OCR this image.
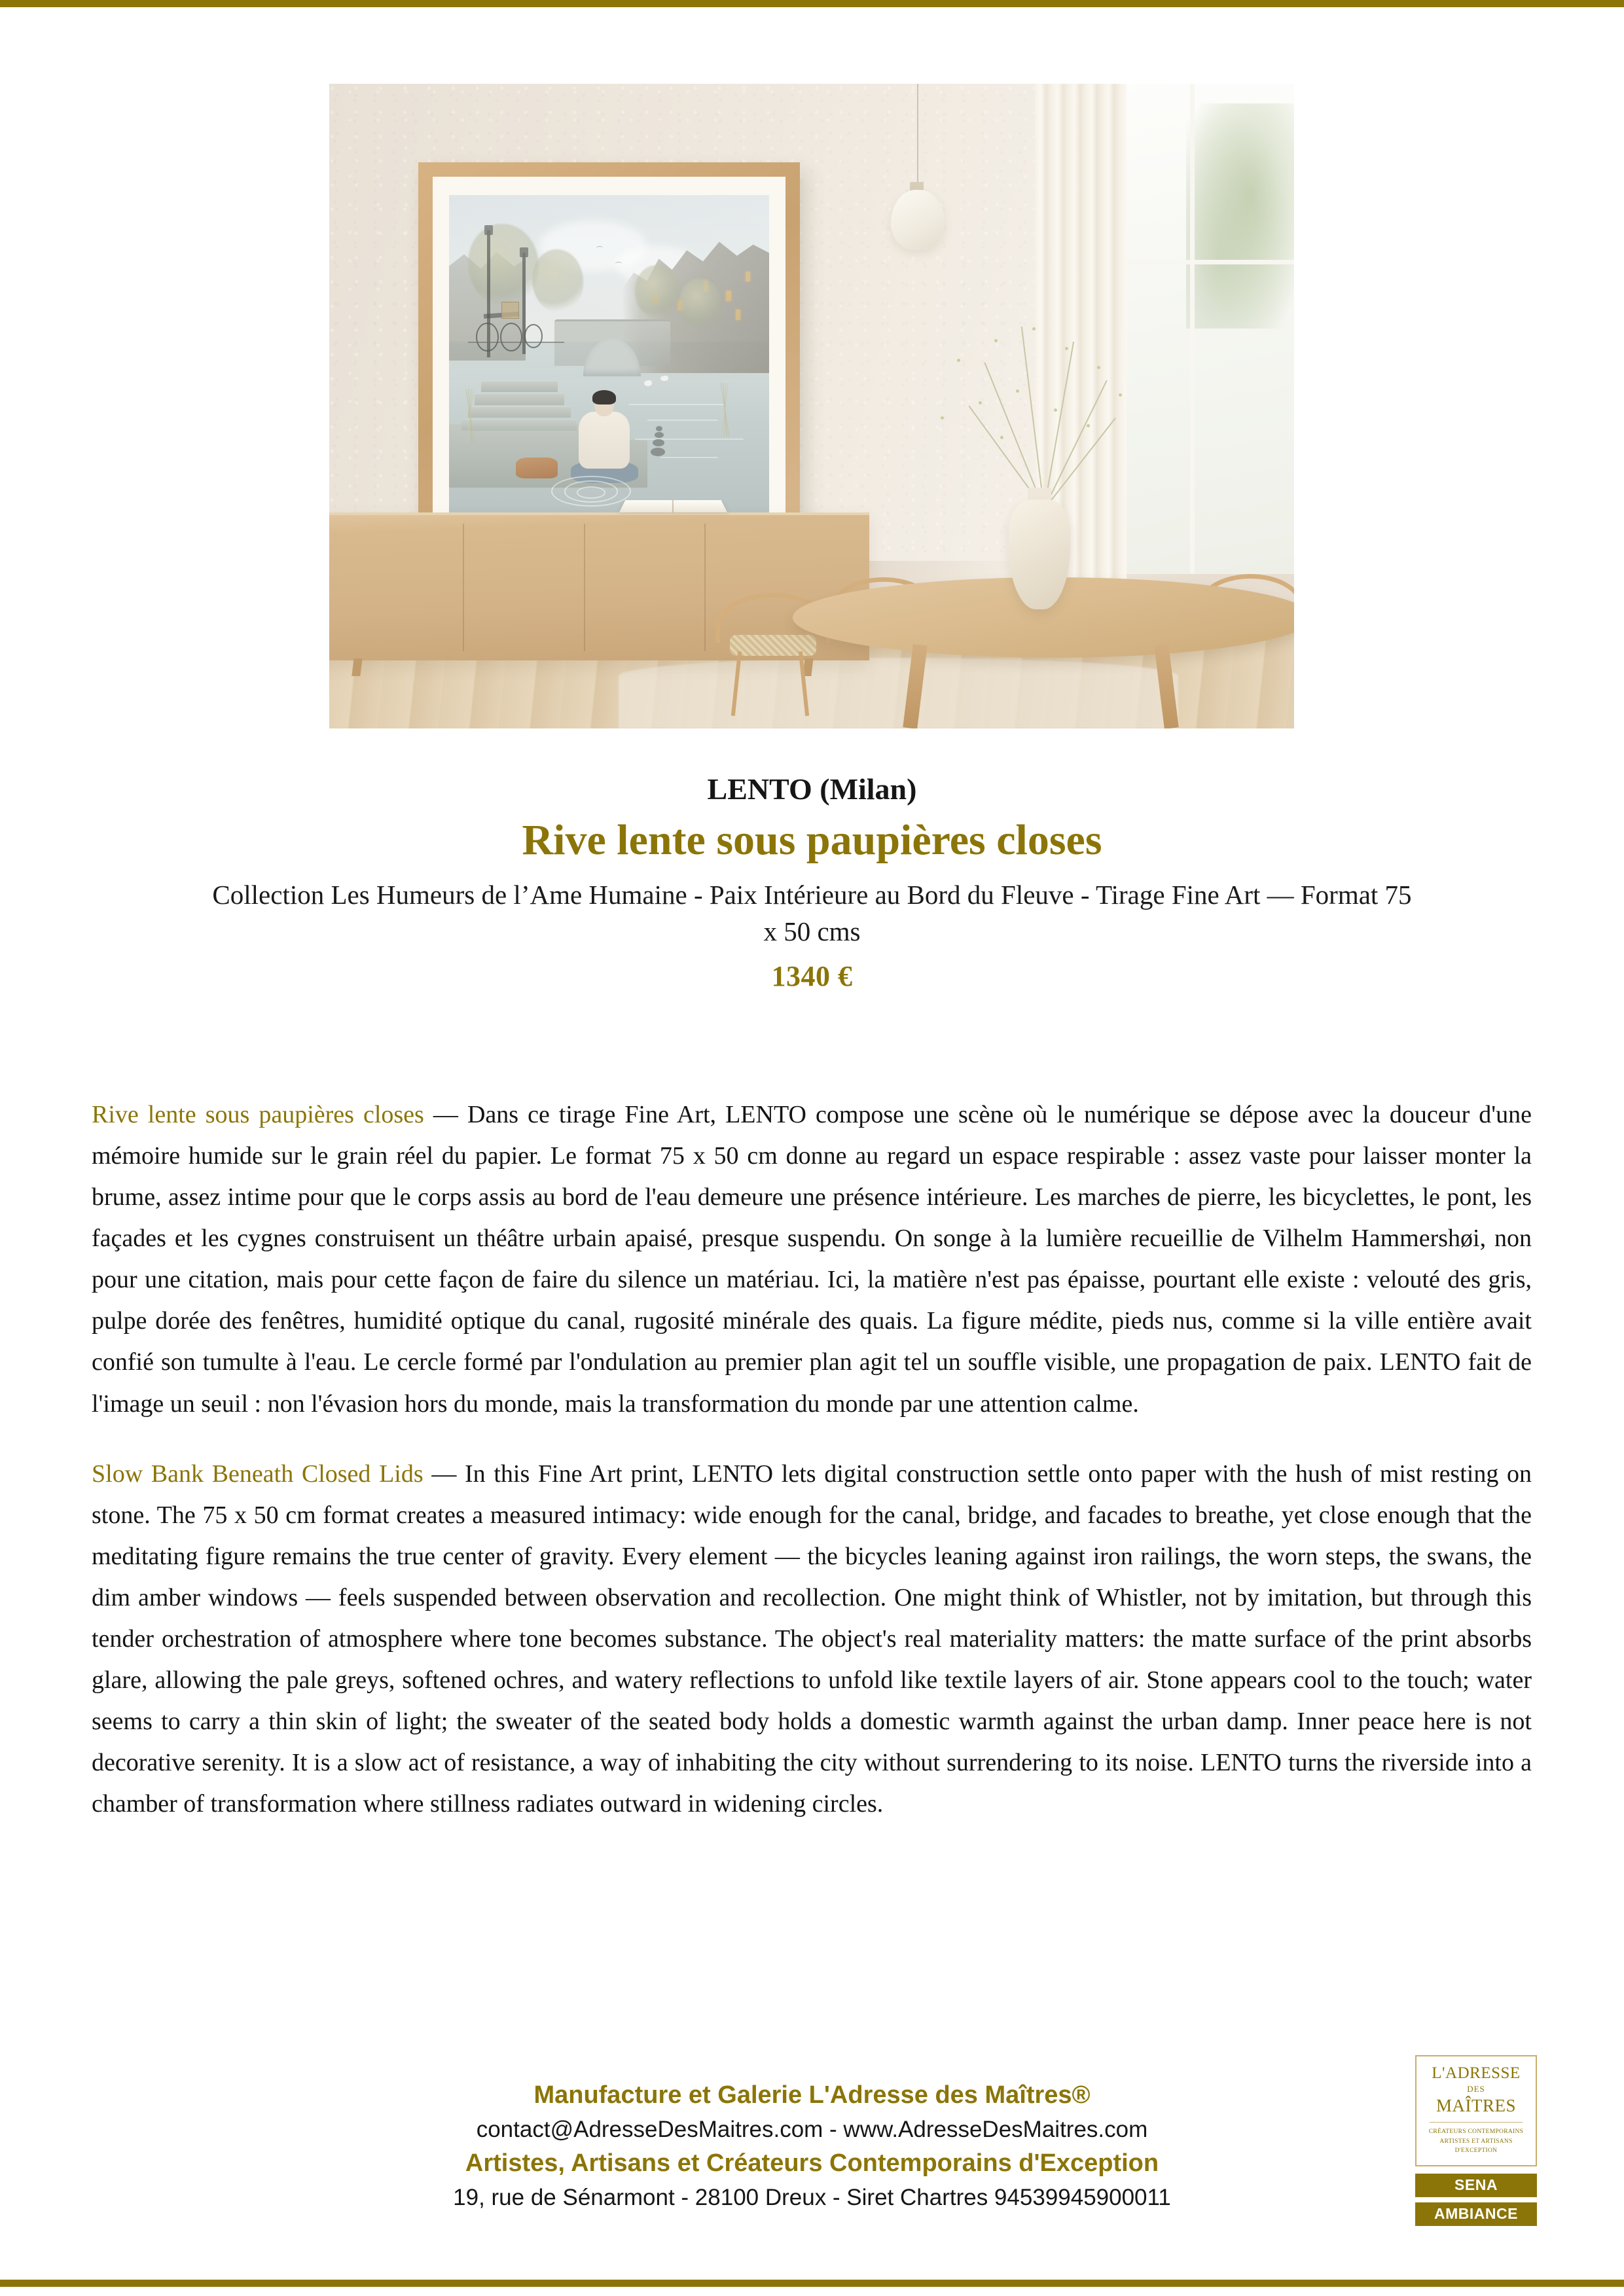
LENTO (Milan)
Rive lente sous paupières closes
Collection Les Humeurs de l’Ame Humaine - Paix Intérieure au Bord du Fleuve - Tirage Fine Art — Format 75 x 50 cms
1340 €

Rive lente sous paupières closes — Dans ce tirage Fine Art, LENTO compose une scène où le numérique se dépose avec la douceur d'une mémoire humide sur le grain réel du papier. Le format 75 x 50 cm donne au regard un espace respirable : assez vaste pour laisser monter la brume, assez intime pour que le corps assis au bord de l'eau demeure une présence intérieure. Les marches de pierre, les bicyclettes, le pont, les façades et les cygnes construisent un théâtre urbain apaisé, presque suspendu. On songe à la lumière recueillie de Vilhelm Hammershøi, non pour une citation, mais pour cette façon de faire du silence un matériau. Ici, la matière n'est pas épaisse, pourtant elle existe : velouté des gris, pulpe dorée des fenêtres, humidité optique du canal, rugosité minérale des quais. La figure médite, pieds nus, comme si la ville entière avait confié son tumulte à l'eau. Le cercle formé par l'ondulation au premier plan agit tel un souffle visible, une propagation de paix. LENTO fait de l'image un seuil : non l'évasion hors du monde, mais la transformation du monde par une attention calme.

Slow Bank Beneath Closed Lids — In this Fine Art print, LENTO lets digital construction settle onto paper with the hush of mist resting on stone. The 75 x 50 cm format creates a measured intimacy: wide enough for the canal, bridge, and facades to breathe, yet close enough that the meditating figure remains the true center of gravity. Every element — the bicycles leaning against iron railings, the worn steps, the swans, the dim amber windows — feels suspended between observation and recollection. One might think of Whistler, not by imitation, but through this tender orchestration of atmosphere where tone becomes substance. The object's real materiality matters: the matte surface of the print absorbs glare, allowing the pale greys, softened ochres, and watery reflections to unfold like textile layers of air. Stone appears cool to the touch; water seems to carry a thin skin of light; the sweater of the seated body holds a domestic warmth against the urban damp. Inner peace here is not decorative serenity. It is a slow act of resistance, a way of inhabiting the city without surrendering to its noise. LENTO turns the riverside into a chamber of transformation where stillness radiates outward in widening circles.

Manufacture et Galerie L'Adresse des Maîtres®

contact@AdresseDesMaitres.com - www.AdresseDesMaitres.com

Artistes, Artisans et Créateurs Contemporains d'Exception

19, rue de Sénarmont - 28100 Dreux - Siret Chartres 94539945900011

L'ADRESSE
DES
MAÎTRES
CRÉATEURS CONTEMPORAINS
ARTISTES ET ARTISANS
D'EXCEPTION
SENA
AMBIANCE
